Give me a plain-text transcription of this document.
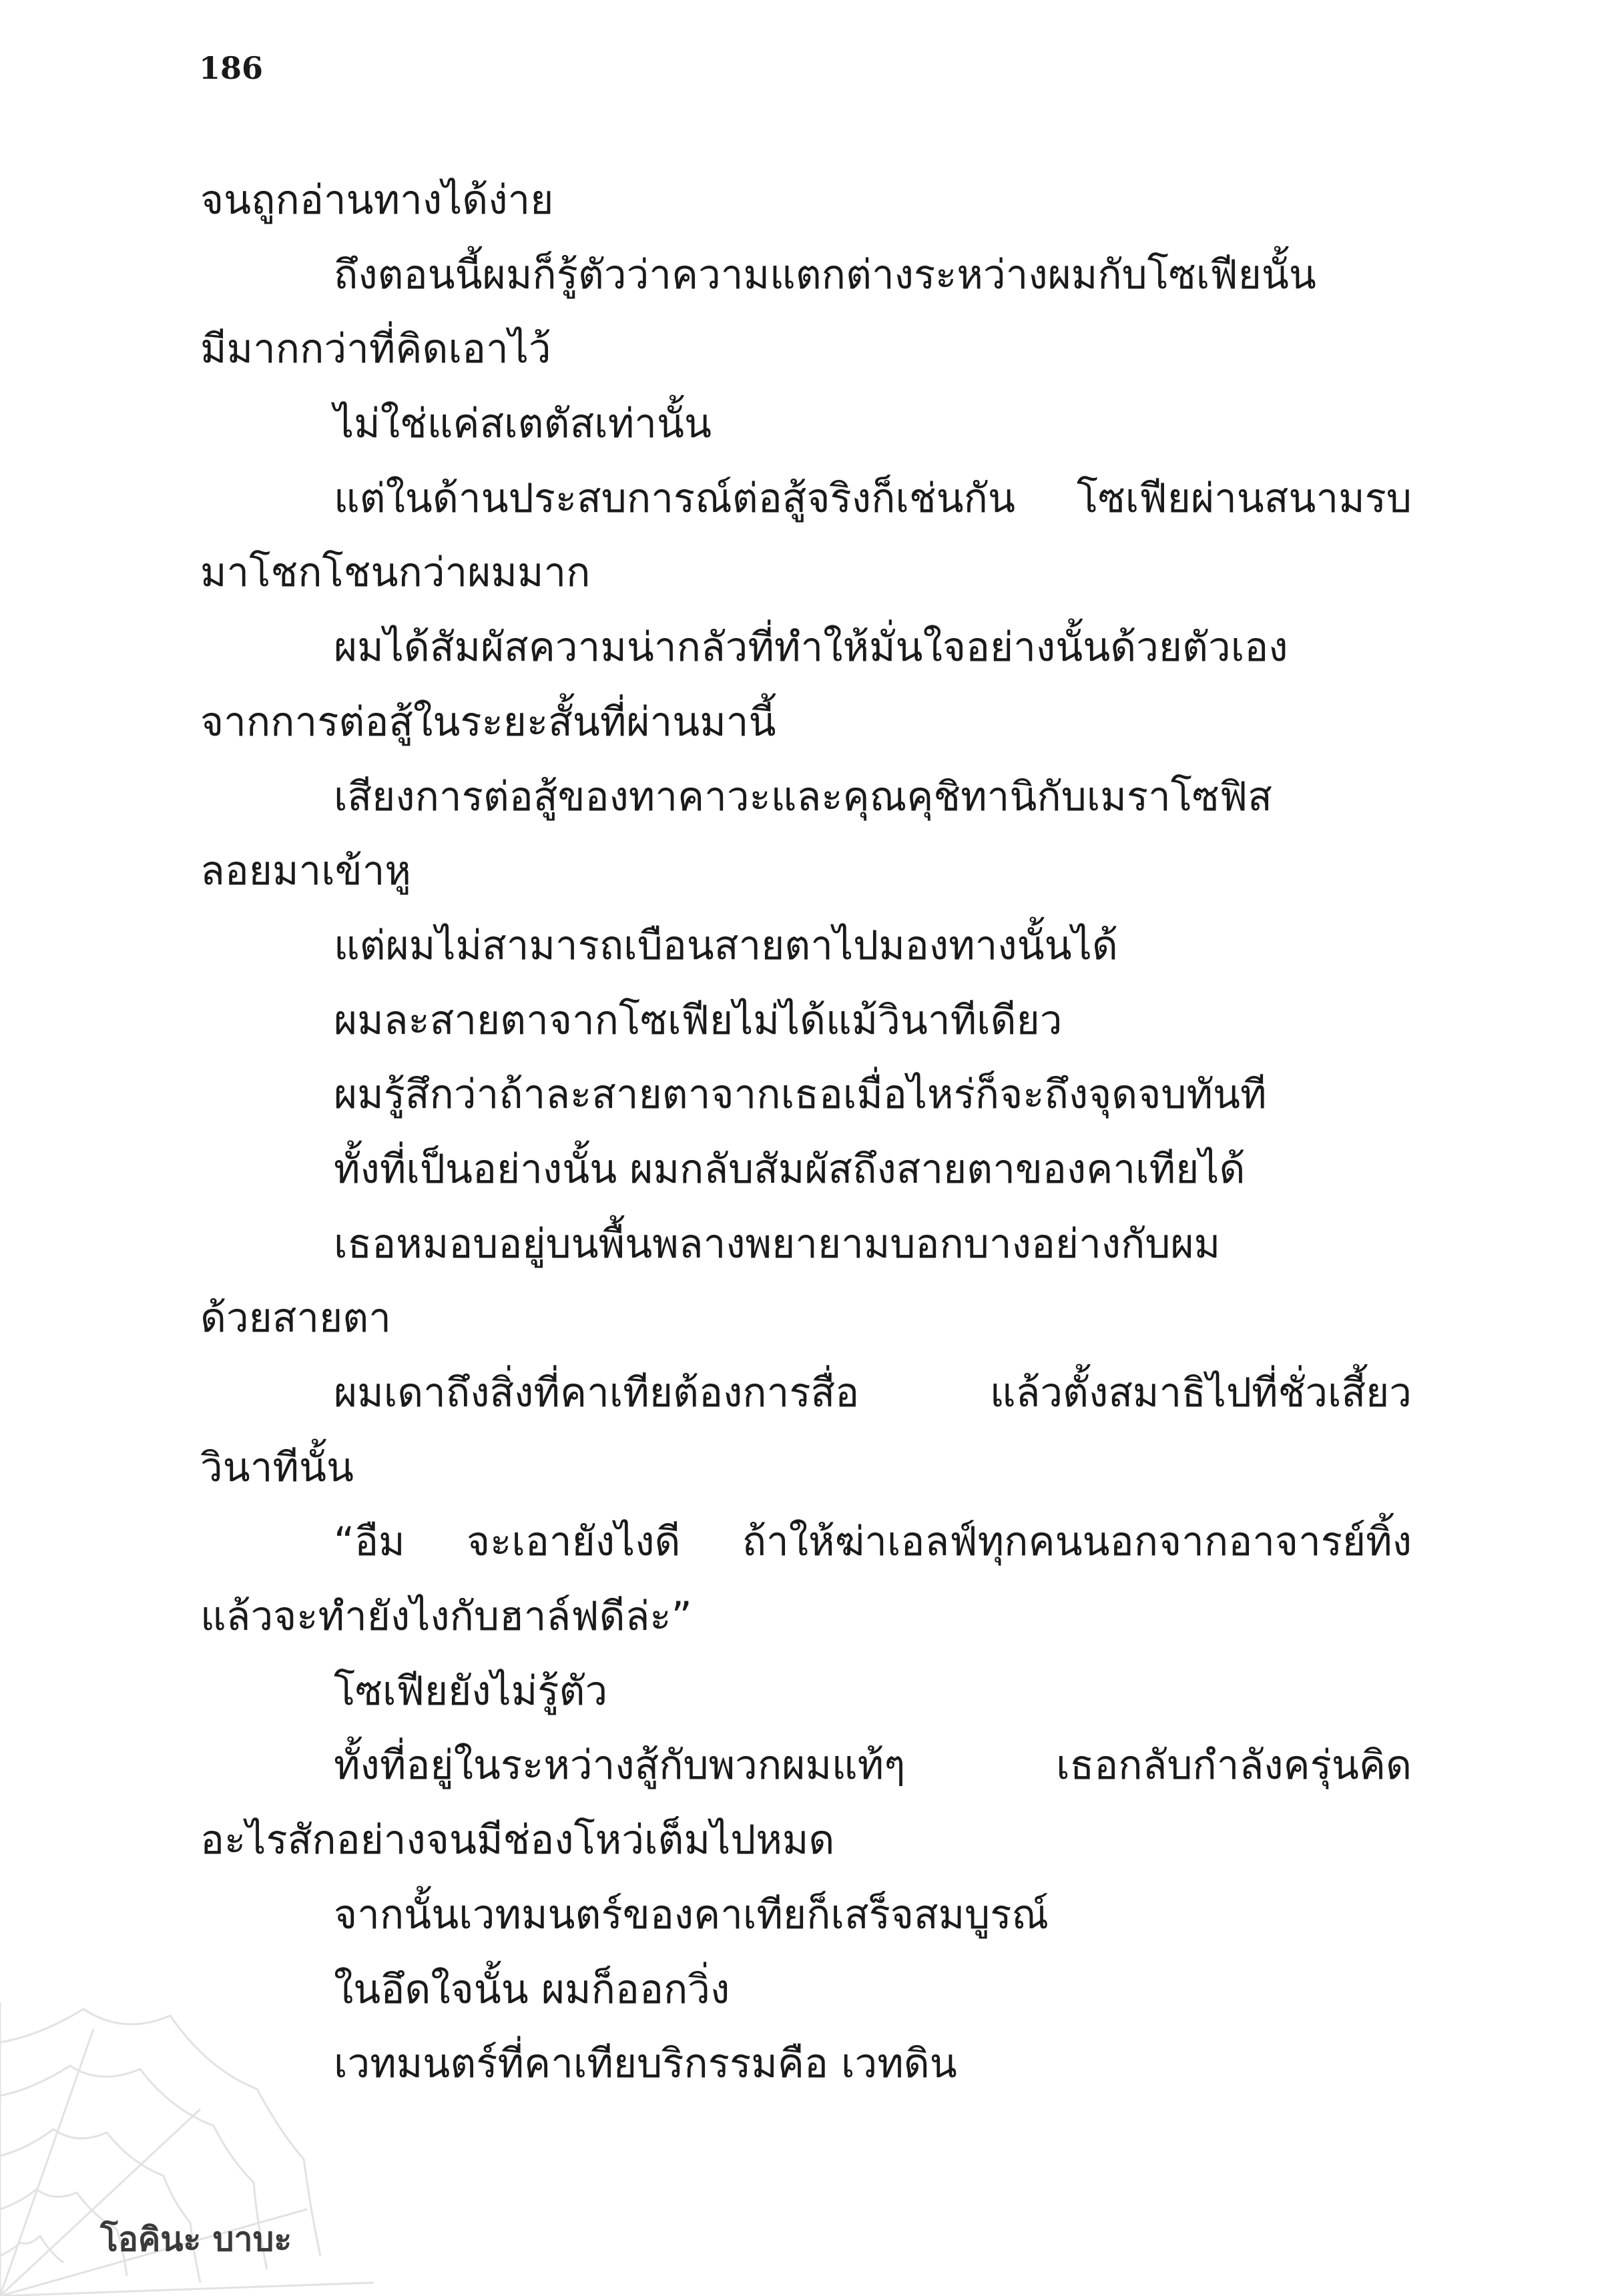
186
จนถูกอ่านทางได้ง่าย
ถึงตอนนี้ผมก็รู้ตัวว่าความแตกต่างระหว่างผมกับโซเฟียนั้น
มีมากกว่าที่คิดเอาไว้
ไม่ใช่แค่สเตตัสเท่านั้น
แต่ในด้านประสบการณ์ต่อสู้จริงก็เช่นกัน โซเฟียผ่านสนามรบ
มาโชกโชนกว่าผมมาก
ผมได้สัมผัสความน่ากลัวที่ทำให้มั่นใจอย่างนั้นด้วยตัวเอง
จากการต่อสู้ในระยะสั้นที่ผ่านมานี้
เสียงการต่อสู้ของทาคาวะและคุณคุชิทานิกับเมราโซฟิส
ลอยมาเข้าหู
แต่ผมไม่สามารถเบือนสายตาไปมองทางนั้นได้
ผมละสายตาจากโซเฟียไม่ได้แม้วินาทีเดียว
ผมรู้สึกว่าถ้าละสายตาจากเธอเมื่อไหร่ก็จะถึงจุดจบทันที
ทั้งที่เป็นอย่างนั้น ผมกลับสัมผัสถึงสายตาของคาเทียได้
เธอหมอบอยู่บนพื้นพลางพยายามบอกบางอย่างกับผม
ด้วยสายตา
ผมเดาถึงสิ่งที่คาเทียต้องการสื่อ แล้วตั้งสมาธิไปที่ชั่วเสี้ยว
วินาทีนั้น
“อืม จะเอายังไงดี ถ้าให้ฆ่าเอลฟ์ทุกคนนอกจากอาจารย์ทิ้ง
แล้วจะทำยังไงกับฮาล์ฟดีล่ะ”
โซเฟียยังไม่รู้ตัว
ทั้งที่อยู่ในระหว่างสู้กับพวกผมแท้ๆ เธอกลับกำลังครุ่นคิด
อะไรสักอย่างจนมีช่องโหว่เต็มไปหมด
จากนั้นเวทมนตร์ของคาเทียก็เสร็จสมบูรณ์
ในอึดใจนั้น ผมก็ออกวิ่ง
เวทมนตร์ที่คาเทียบริกรรมคือ เวทดิน
โอคินะ บาบะ
